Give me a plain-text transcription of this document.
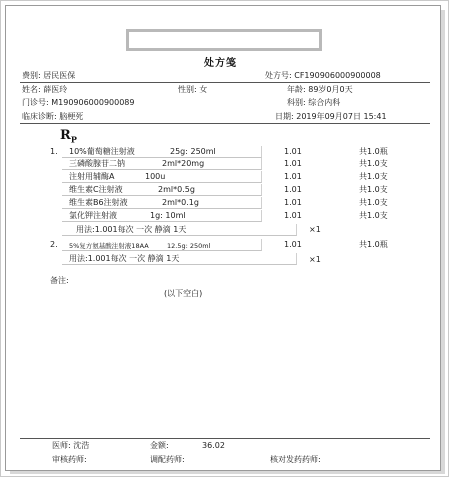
处方笺
费别: 居民医保	处方号: CF190906000900008
姓名: 薛医玲	性别: 女	年龄: 89岁0月0天
门诊号: M190906000900089	科别: 综合内科
临床诊断: 脑梗死	日期: 2019年09月07日 15:41
$R_P$
1. 10%葡萄糖注射液	25g: 250ml	1.01	共1.0瓶
三磷酸腺苷二钠	2ml*20mg	1.01	共1.0支
注射用辅酶A	100u	1.01	共1.0支
维生素C注射液	2ml*0.5g	1.01	共1.0支
维生素B6注射液	2ml*0.1g	1.01	共1.0支
氯化钾注射液	1g: 10ml	1.01	共1.0支
用法:1.001每次 一次 静滴 1天	×1
2. 5%复方氨基酸注射液18AA	12.5g: 250ml	1.01	共1.0瓶
用法:1.001每次 一次 静滴 1天	×1
备注:
(以下空白)
医师: 沈浩	金额:	36.02
审核药师:	调配药师:	核对发药药师:
